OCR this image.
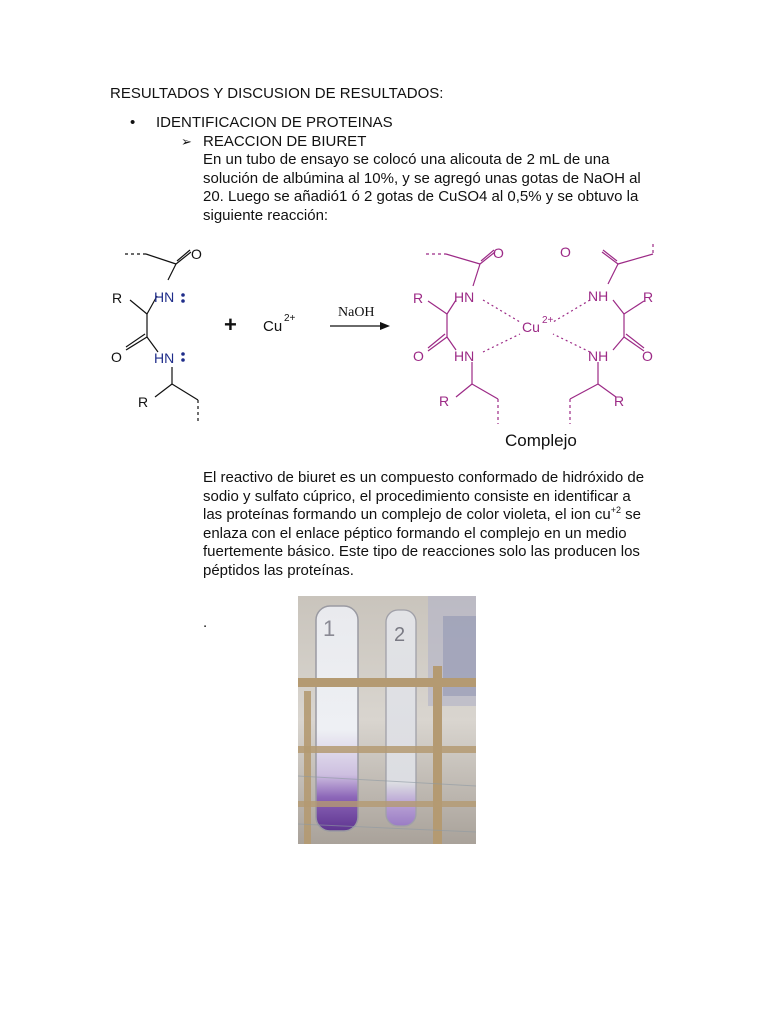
RESULTADOS Y DISCUSION DE RESULTADOS:
• IDENTIFICACION DE PROTEINAS
➢ REACCION DE BIURET
En un tubo de ensayo se colocó una alicouta de 2 mL de una
solución de albúmina al 10%, y se agregó unas gotas de NaOH al
20. Luego se añadió1 ó 2 gotas de CuSO4 al 0,5% y se obtuvo la
siguiente reacción:
O
R HN
O HN
R
+ Cu 2+	NaOH
O
R HN
O HN
R
Cu 2+
O
NH R
NH O
R
Complejo
El reactivo de biuret es un compuesto conformado de hidróxido de
sodio y sulfato cúprico, el procedimiento consiste en identificar a
las proteínas formando un complejo de color violeta, el ion $cu^{+2}$ se
enlaza con el enlace péptico formando el complejo en un medio
fuertemente básico. Este tipo de reacciones solo las producen los
péptidos las proteínas.
.	1	2
